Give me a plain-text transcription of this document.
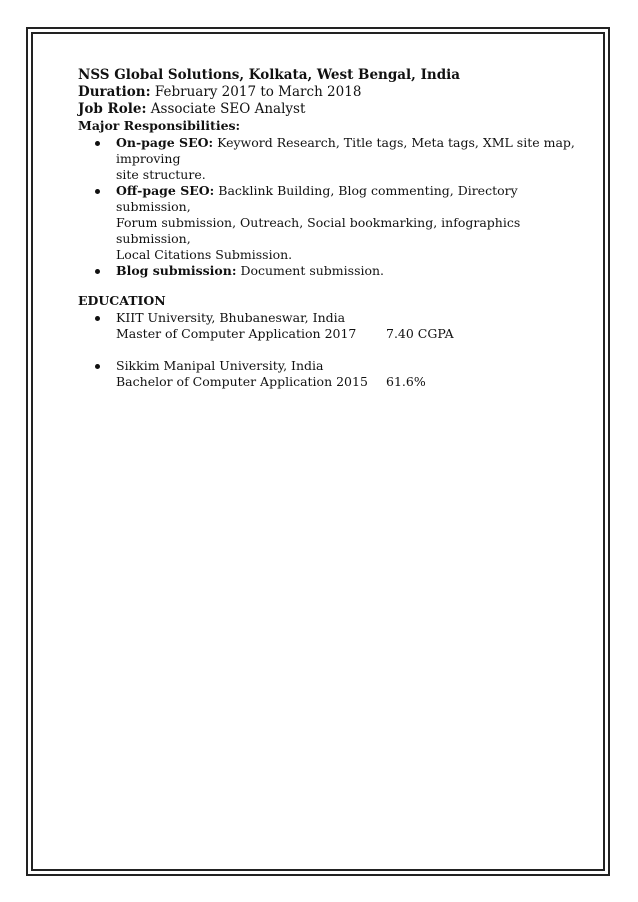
NSS Global Solutions, Kolkata, West Bengal, India
Duration: February 2017 to March 2018
Job Role: Associate SEO Analyst
Major Responsibilities:
On-page SEO: Keyword Research, Title tags, Meta tags, XML site map, improving
site structure.
Off-page SEO: Backlink Building, Blog commenting, Directory submission,
Forum submission, Outreach, Social bookmarking, infographics submission,
Local Citations Submission.
Blog submission: Document submission.
EDUCATION
KIIT University, Bhubaneswar, India
Master of Computer Application 2017	7.40 CGPA
Sikkim Manipal University, India
Bachelor of Computer Application 2015	61.6%
